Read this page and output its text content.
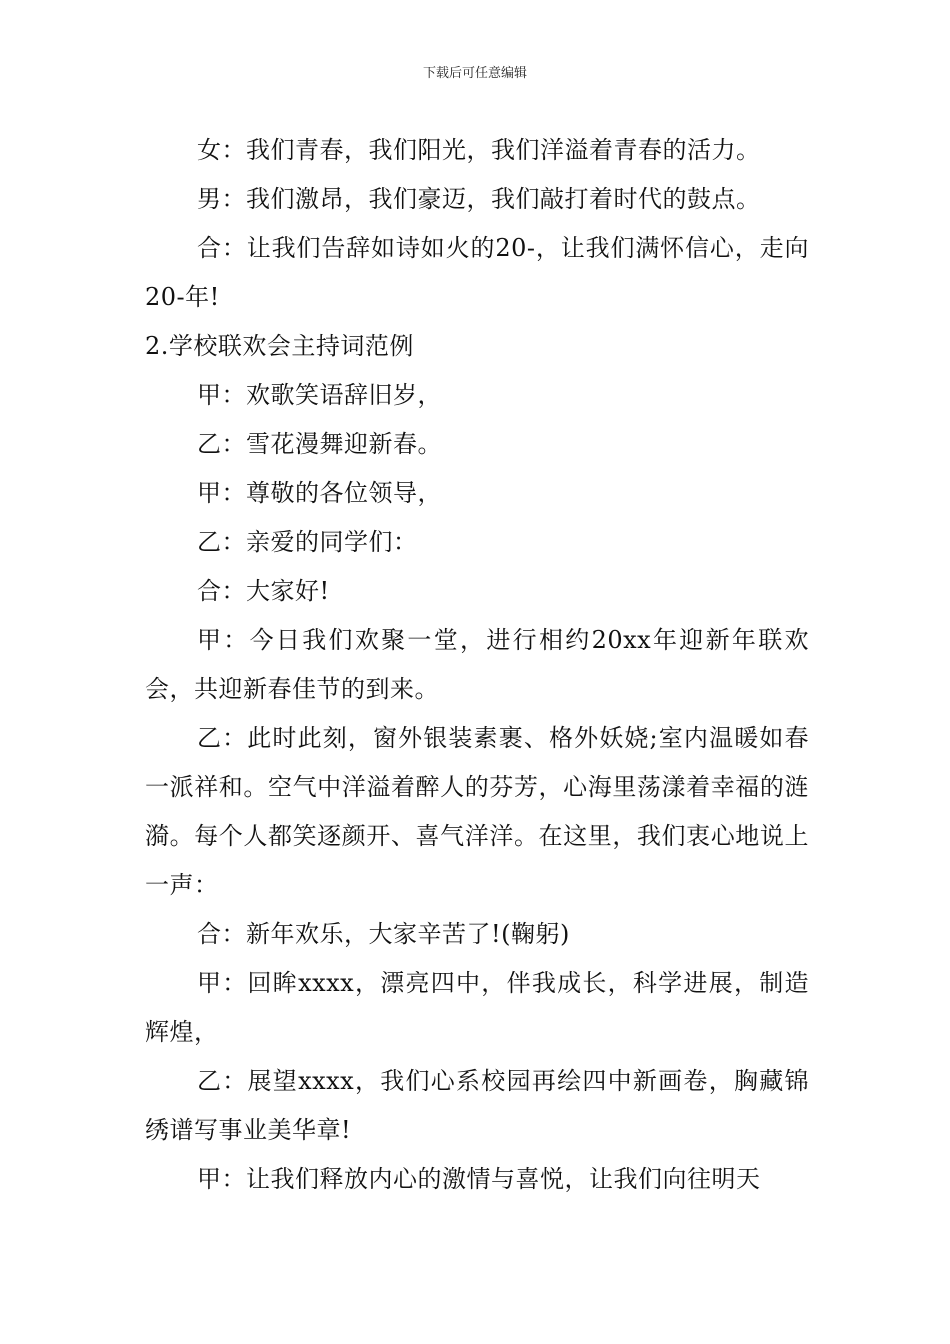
下载后可任意编辑

女：我们青春，我们阳光，我们洋溢着青春的活力。

男：我们激昂，我们豪迈，我们敲打着时代的鼓点。

合：让我们告辞如诗如火的20-，让我们满怀信心，走向20-年!

2.学校联欢会主持词范例

甲：欢歌笑语辞旧岁，

乙：雪花漫舞迎新春。

甲：尊敬的各位领导，

乙：亲爱的同学们：

合：大家好!

甲：今日我们欢聚一堂，进行相约20xx年迎新年联欢会，共迎新春佳节的到来。

乙：此时此刻，窗外银装素裹、格外妖娆;室内温暖如春一派祥和。空气中洋溢着醉人的芬芳，心海里荡漾着幸福的涟漪。每个人都笑逐颜开、喜气洋洋。在这里，我们衷心地说上一声：

合：新年欢乐，大家辛苦了!(鞠躬)

甲：回眸xxxx，漂亮四中，伴我成长，科学进展，制造辉煌，

乙：展望xxxx，我们心系校园再绘四中新画卷，胸藏锦绣谱写事业美华章!

甲：让我们释放内心的激情与喜悦，让我们向往明天
